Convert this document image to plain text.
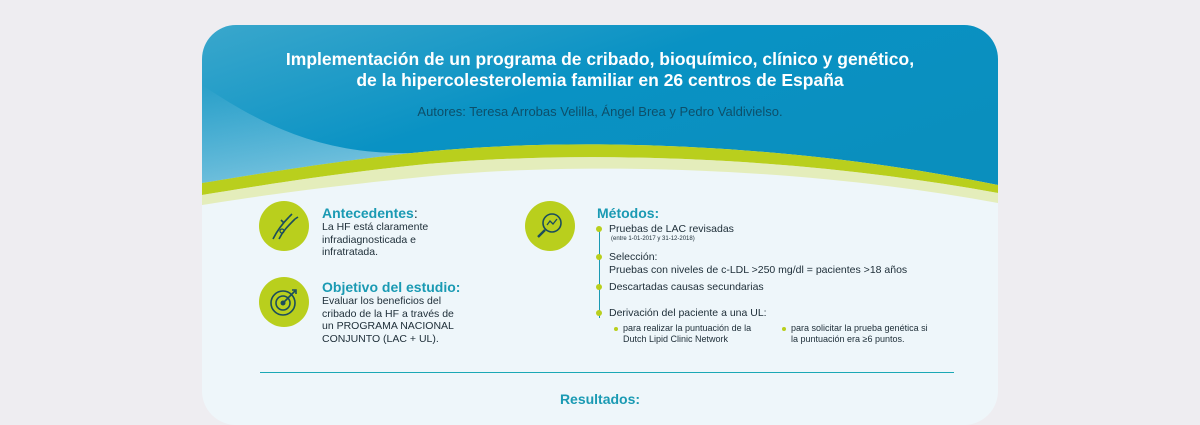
Implementación de un programa de cribado, bioquímico, clínico y genético,
de la hipercolesterolemia familiar en 26 centros de España
Autores: Teresa Arrobas Velilla, Ángel Brea y Pedro Valdivielso.
Antecedentes:
La HF está claramente
infradiagnosticada e
infratratada.
Objetivo del estudio:
Evaluar los beneficios del
cribado de la HF a través de
un PROGRAMA NACIONAL
CONJUNTO (LAC + UL).
Métodos:
Pruebas de LAC revisadas
(entre 1-01-2017 y 31-12-2018)
Selección:
Pruebas con niveles de c-LDL >250 mg/dl = pacientes >18 años
Descartadas causas secundarias
Derivación del paciente a una UL:
para realizar la puntuación de la
Dutch Lipid Clinic Network
para solicitar la prueba genética si
la puntuación era ≥6 puntos.
Resultados:
